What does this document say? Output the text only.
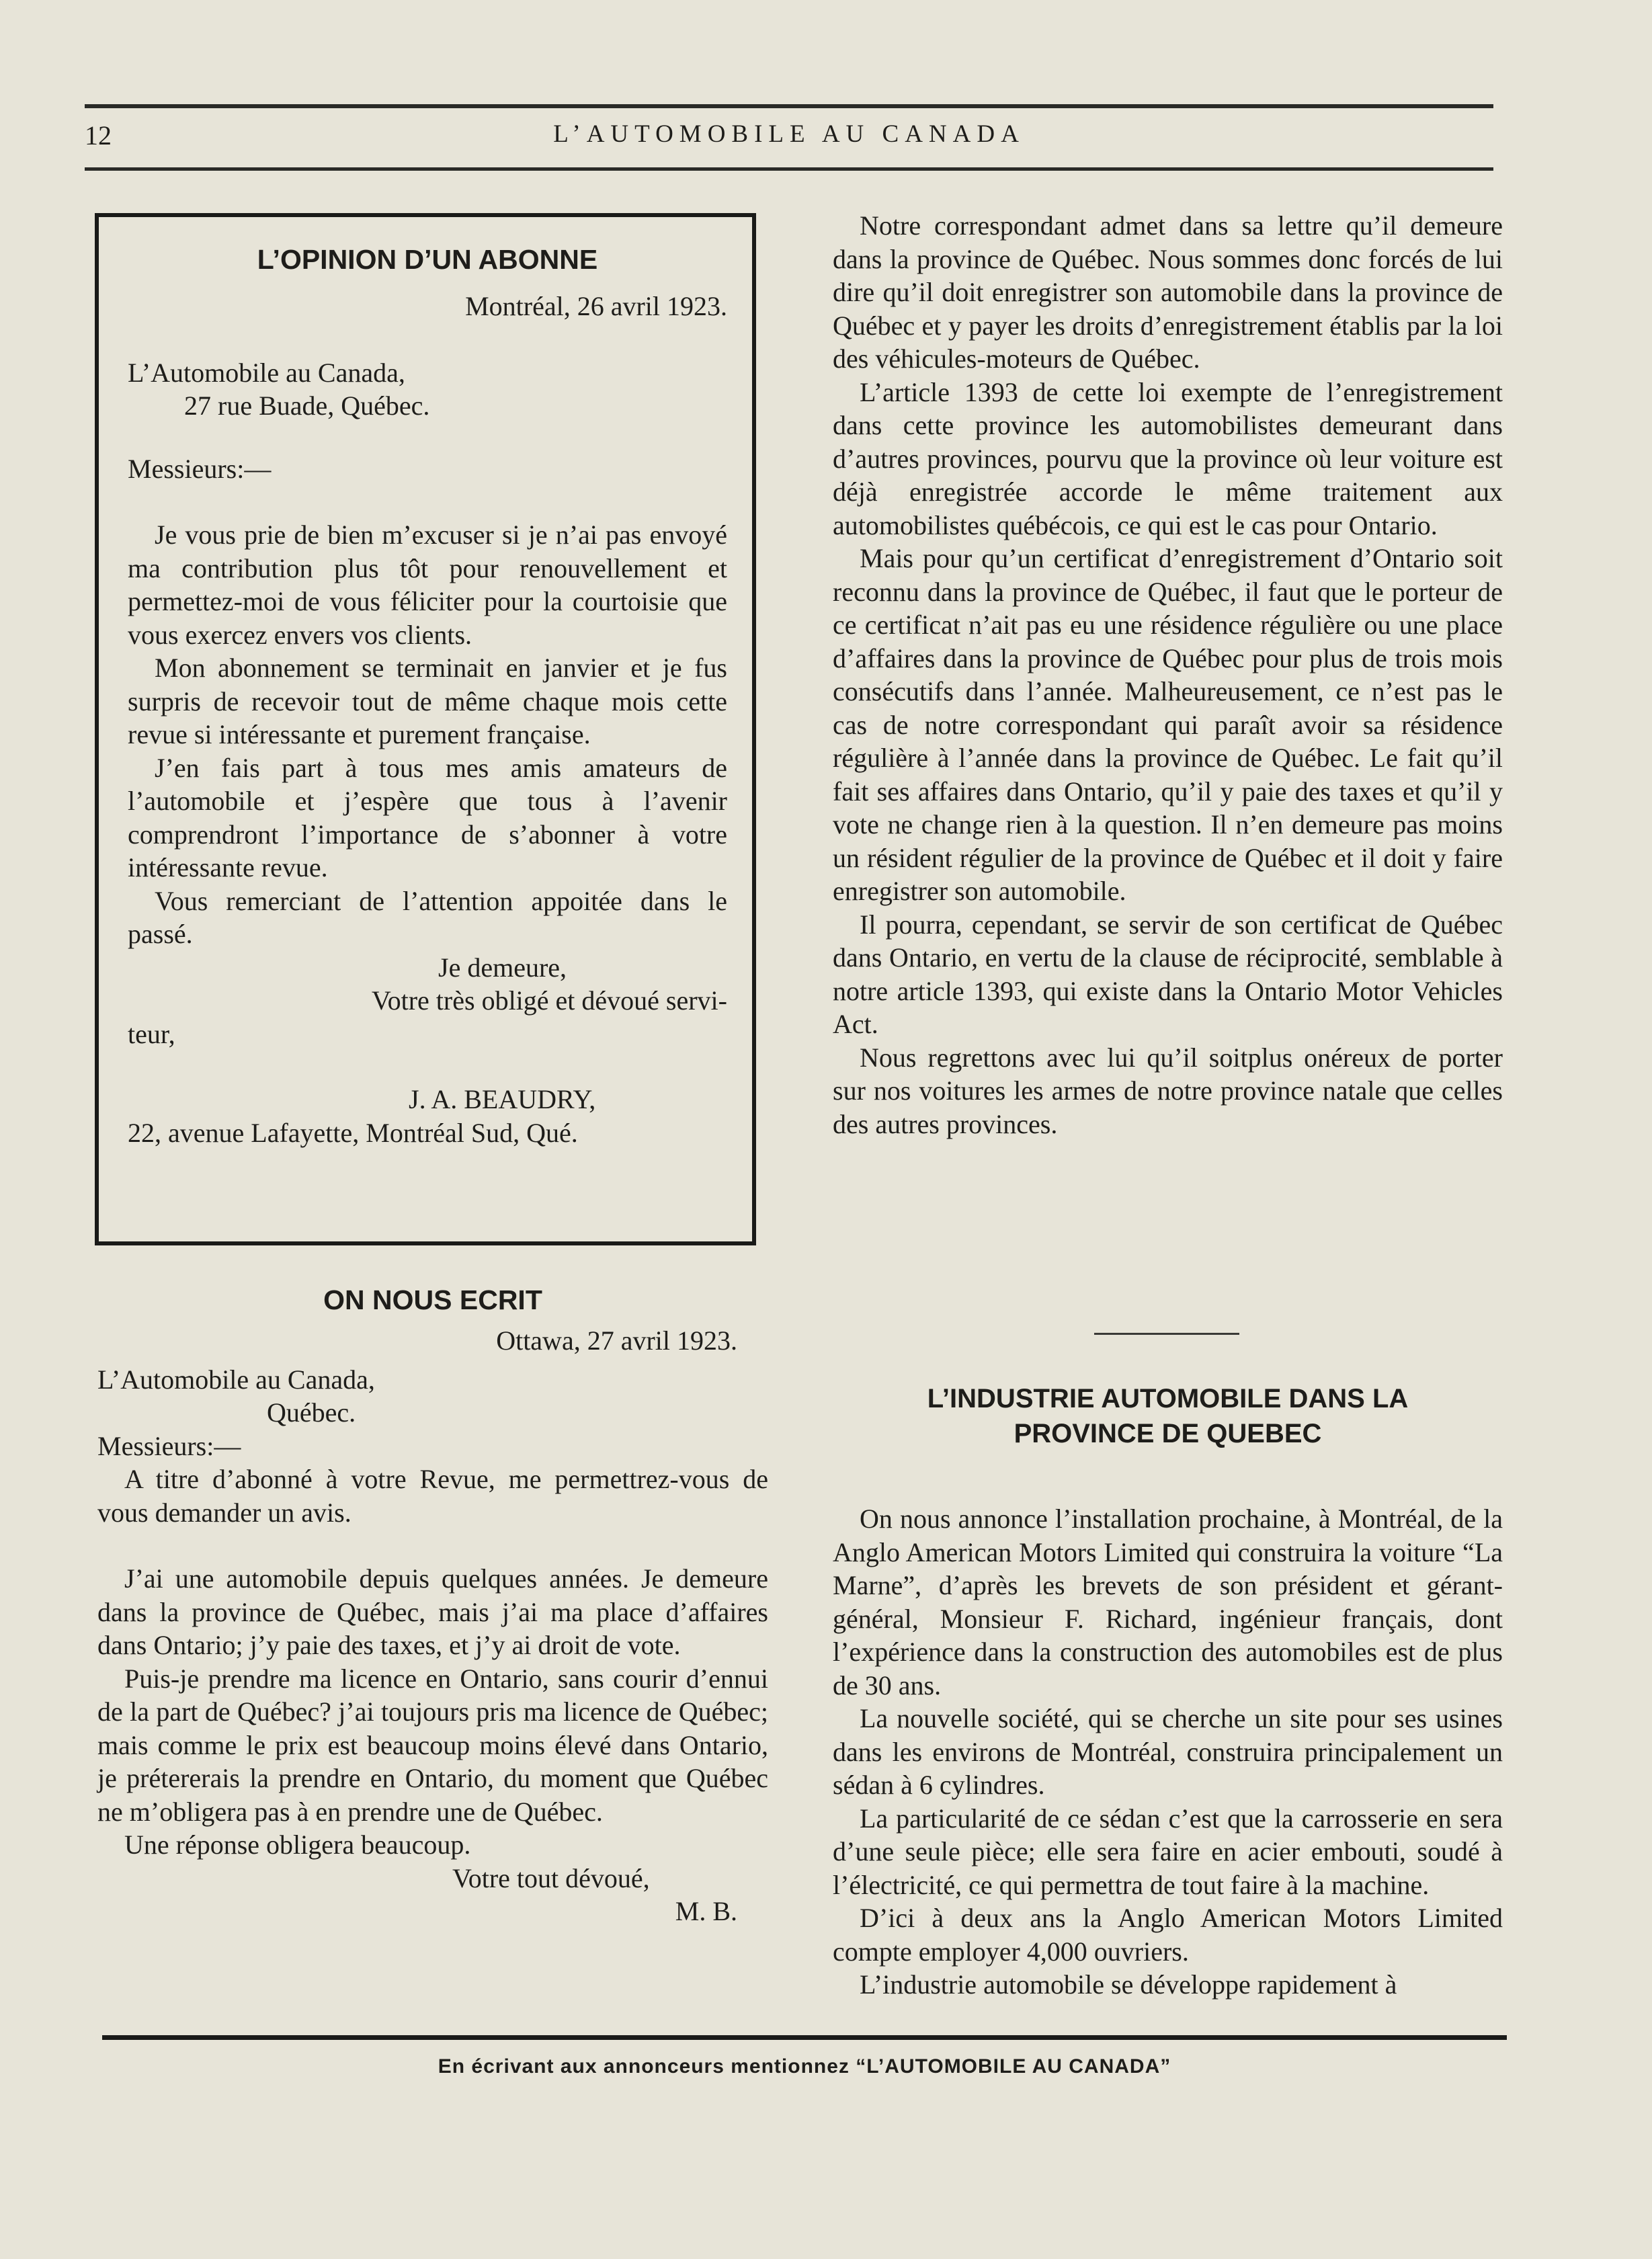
12	L’AUTOMOBILE AU CANADA

L’OPINION D’UN ABONNE

Montréal, 26 avril 1923.

L’Automobile au Canada,

27 rue Buade, Québec.

Messieurs:—

Je vous prie de bien m’excuser si je n’ai pas envoyé ma contribution plus tôt pour renouvellement et permettez-moi de vous féliciter pour la courtoisie que vous exercez envers vos clients.

Mon abonnement se terminait en janvier et je fus surpris de recevoir tout de même chaque mois cette revue si intéressante et purement française.

J’en fais part à tous mes amis amateurs de l’automobile et j’espère que tous à l’avenir comprendront l’importance de s’abonner à votre intéressante revue.

Vous remerciant de l’attention appoitée dans le passé.

Je demeure,

Votre très obligé et dévoué servi-

teur,

J. A. BEAUDRY,

22, avenue Lafayette, Montréal Sud, Qué.

ON NOUS ECRIT

Ottawa, 27 avril 1923.

L’Automobile au Canada,

Québec.

Messieurs:—

A titre d’abonné à votre Revue, me permettrez-vous de vous demander un avis.

J’ai une automobile depuis quelques années. Je demeure dans la province de Québec, mais j’ai ma place d’affaires dans Ontario; j’y paie des taxes, et j’y ai droit de vote.

Puis-je prendre ma licence en Ontario, sans courir d’ennui de la part de Québec? j’ai toujours pris ma licence de Québec; mais comme le prix est beaucoup moins élevé dans Ontario, je prétererais la prendre en Ontario, du moment que Québec ne m’obligera pas à en prendre une de Québec.

Une réponse obligera beaucoup.

Votre tout dévoué,

M. B.

Notre correspondant admet dans sa lettre qu’il demeure dans la province de Québec. Nous sommes donc forcés de lui dire qu’il doit enregistrer son automobile dans la province de Québec et y payer les droits d’enregistrement établis par la loi des véhicules-moteurs de Québec.

L’article 1393 de cette loi exempte de l’enregistrement dans cette province les automobilistes demeurant dans d’autres provinces, pourvu que la province où leur voiture est déjà enregistrée accorde le même traitement aux automobilistes québécois, ce qui est le cas pour Ontario.

Mais pour qu’un certificat d’enregistrement d’Ontario soit reconnu dans la province de Québec, il faut que le porteur de ce certificat n’ait pas eu une résidence régulière ou une place d’affaires dans la province de Québec pour plus de trois mois consécutifs dans l’année. Malheureusement, ce n’est pas le cas de notre correspondant qui paraît avoir sa résidence régulière à l’année dans la province de Québec. Le fait qu’il fait ses affaires dans Ontario, qu’il y paie des taxes et qu’il y vote ne change rien à la question. Il n’en demeure pas moins un résident régulier de la province de Québec et il doit y faire enregistrer son automobile.

Il pourra, cependant, se servir de son certificat de Québec dans Ontario, en vertu de la clause de réciprocité, semblable à notre article 1393, qui existe dans la Ontario Motor Vehicles Act.

Nous regrettons avec lui qu’il soitplus onéreux de porter sur nos voitures les armes de notre province natale que celles des autres provinces.

L’INDUSTRIE AUTOMOBILE DANS LA

PROVINCE DE QUEBEC

On nous annonce l’installation prochaine, à Montréal, de la Anglo American Motors Limited qui construira la voiture “La Marne”, d’après les brevets de son président et gérant-général, Monsieur F. Richard, ingénieur français, dont l’expérience dans la construction des automobiles est de plus de 30 ans.

La nouvelle société, qui se cherche un site pour ses usines dans les environs de Montréal, construira principalement un sédan à 6 cylindres.

La particularité de ce sédan c’est que la carrosserie en sera d’une seule pièce; elle sera faire en acier embouti, soudé à l’électricité, ce qui permettra de tout faire à la machine.

D’ici à deux ans la Anglo American Motors Limited compte employer 4,000 ouvriers.

L’industrie automobile se développe rapidement à

En écrivant aux annonceurs mentionnez “L’AUTOMOBILE AU CANADA”
